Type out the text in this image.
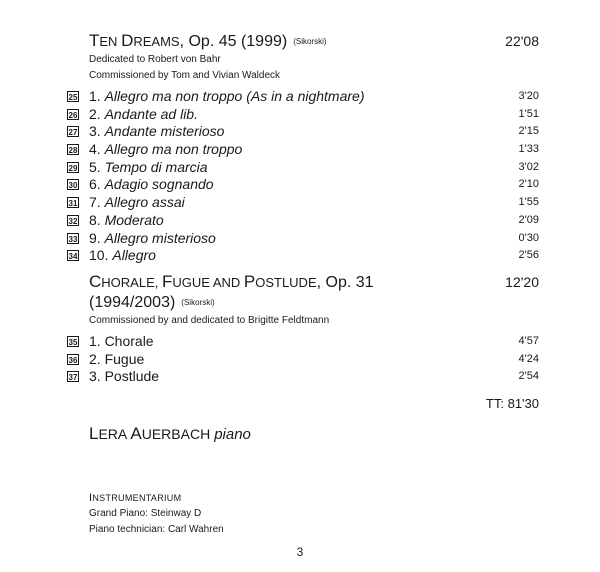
TEN DREAMS, Op. 45 (1999) (Sikorski)	22'08
Dedicated to Robert von Bahr
Commissioned by Tom and Vivian Waldeck
25 1. Allegro ma non troppo (As in a nightmare)	3'20
26 2. Andante ad lib.	1'51
27 3. Andante misterioso	2'15
28 4. Allegro ma non troppo	1'33
29 5. Tempo di marcia	3'02
30 6. Adagio sognando	2'10
31 7. Allegro assai	1'55
32 8. Moderato	2'09
33 9. Allegro misterioso	0'30
34 10. Allegro	2'56
CHORALE, FUGUE AND POSTLUDE, Op. 31	12'20
(1994/2003) (Sikorski)
Commissioned by and dedicated to Brigitte Feldtmann
35 1. Chorale	4'57
36 2. Fugue	4'24
37 3. Postlude	2'54
TT: 81'30
LERA AUERBACH piano
INSTRUMENTARIUM
Grand Piano: Steinway D
Piano technician: Carl Wahren
3
